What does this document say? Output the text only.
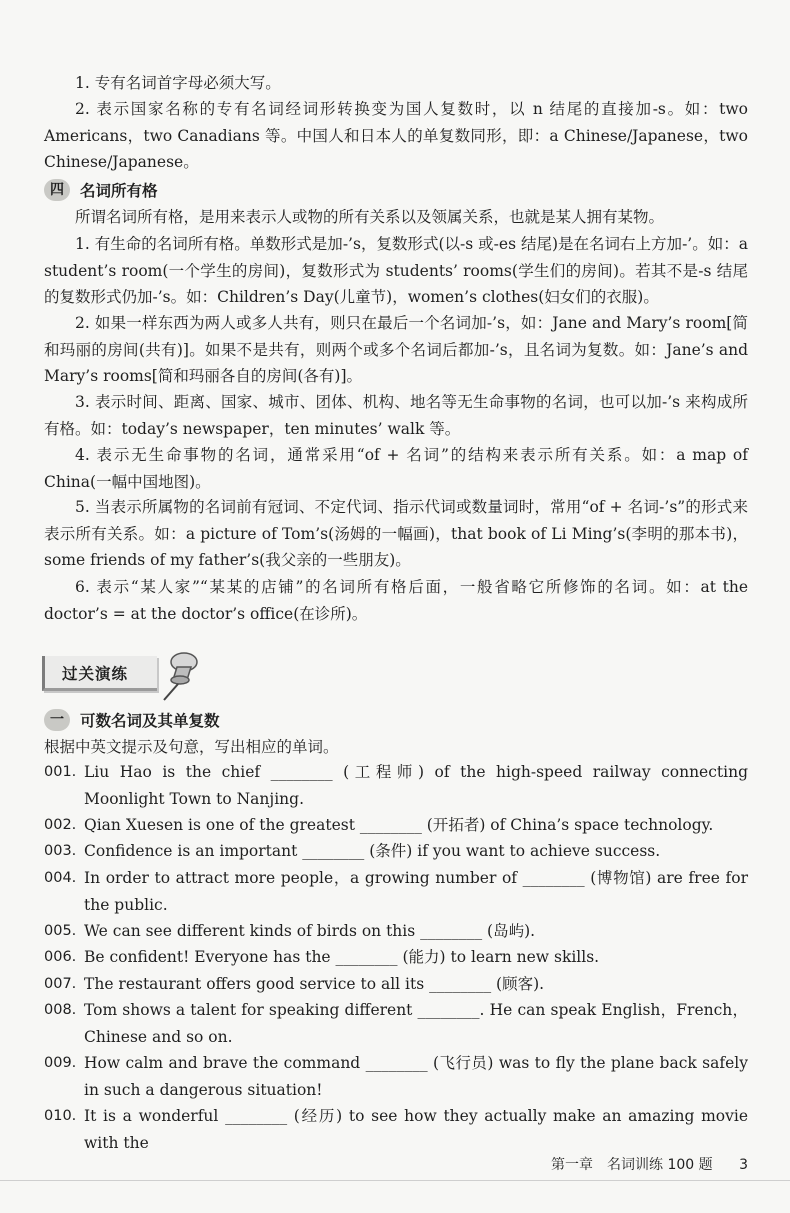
1. 专有名词首字母必须大写。

2. 表示国家名称的专有名词经词形转换变为国人复数时，以 n 结尾的直接加-s。如：two Americans，two Canadians 等。中国人和日本人的单复数同形，即：a Chinese/Japanese，two Chinese/Japanese。

四	名词所有格

所谓名词所有格，是用来表示人或物的所有关系以及领属关系，也就是某人拥有某物。

1. 有生命的名词所有格。单数形式是加-’s，复数形式(以-s 或-es 结尾)是在名词右上方加-’。如：a student’s room(一个学生的房间)，复数形式为 students’ rooms(学生们的房间)。若其不是-s 结尾的复数形式仍加-’s。如：Children’s Day(儿童节)，women’s clothes(妇女们的衣服)。

2. 如果一样东西为两人或多人共有，则只在最后一个名词加-’s，如：Jane and Mary’s room[简和玛丽的房间(共有)]。如果不是共有，则两个或多个名词后都加-’s，且名词为复数。如：Jane’s and Mary’s rooms[简和玛丽各自的房间(各有)]。

3. 表示时间、距离、国家、城市、团体、机构、地名等无生命事物的名词，也可以加-’s 来构成所有格。如：today’s newspaper，ten minutes’ walk 等。

4. 表示无生命事物的名词，通常采用“of + 名词”的结构来表示所有关系。如：a map of China(一幅中国地图)。

5. 当表示所属物的名词前有冠词、不定代词、指示代词或数量词时，常用“of + 名词-’s”的形式来表示所有关系。如：a picture of Tom’s(汤姆的一幅画)，that book of Li Ming’s(李明的那本书)，some friends of my father’s(我父亲的一些朋友)。

6. 表示“某人家”“某某的店铺”的名词所有格后面，一般省略它所修饰的名词。如：at the doctor’s = at the doctor’s office(在诊所)。

过关演练
一	可数名词及其单复数

根据中英文提示及句意，写出相应的单词。

001. Liu Hao is the chief ________ (工程师) of the high-speed railway connecting Moonlight Town to Nanjing.
002. Qian Xuesen is one of the greatest ________ (开拓者) of China’s space technology.
003. Confidence is an important ________ (条件) if you want to achieve success.
004. In order to attract more people，a growing number of ________ (博物馆) are free for the public.
005. We can see different kinds of birds on this ________ (岛屿).
006. Be confident! Everyone has the ________ (能力) to learn new skills.
007. The restaurant offers good service to all its ________ (顾客).
008. Tom shows a talent for speaking different ________. He can speak English，French，Chinese and so on.
009. How calm and brave the command ________ (飞行员) was to fly the plane back safely in such a dangerous situation!
010. It is a wonderful ________ (经历) to see how they actually make an amazing movie with the
第一章　名词训练 100 题 3
